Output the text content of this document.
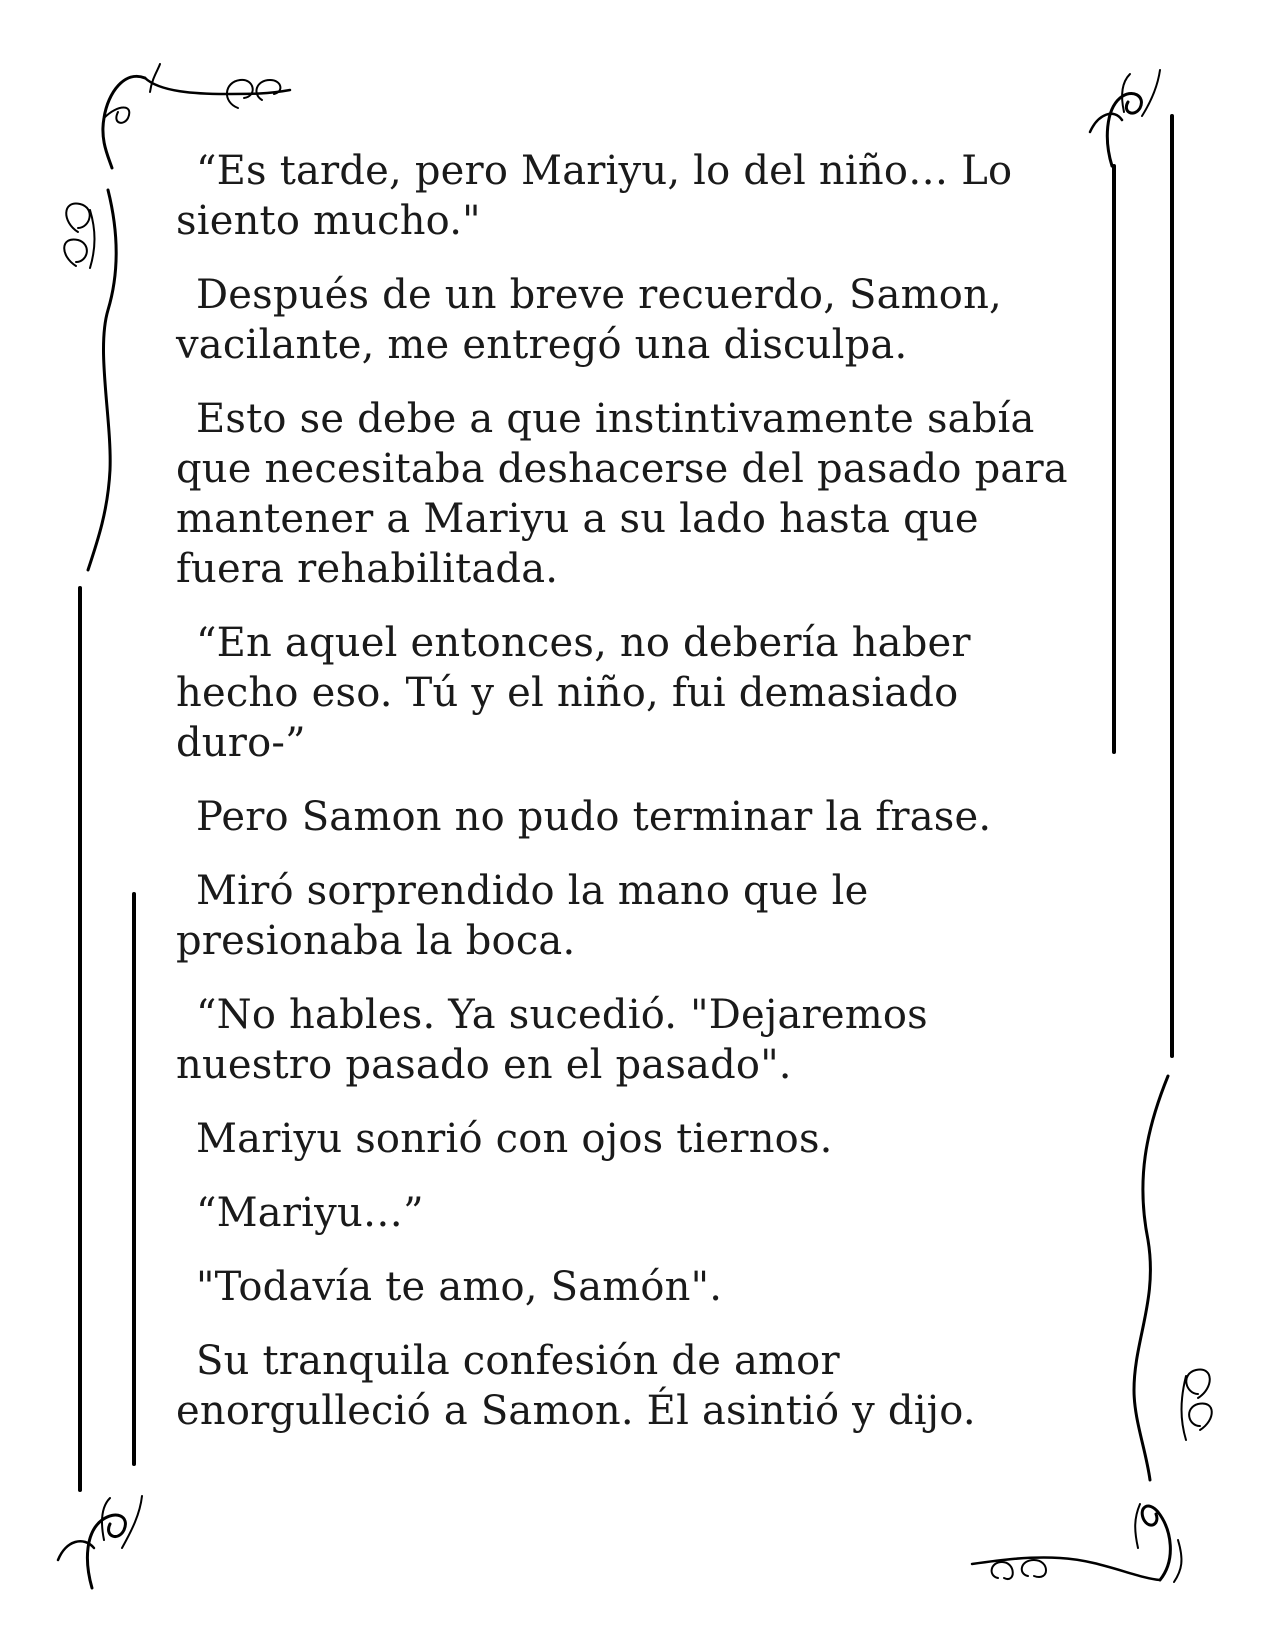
“Es tarde, pero Mariyu, lo del niño… Lo siento mucho."

Después de un breve recuerdo, Samon, vacilante, me entregó una disculpa.

Esto se debe a que instintivamente sabía que necesitaba deshacerse del pasado para mantener a Mariyu a su lado hasta que fuera rehabilitada.

“En aquel entonces, no debería haber hecho eso. Tú y el niño, fui demasiado duro-”

Pero Samon no pudo terminar la frase.

Miró sorprendido la mano que le presionaba la boca.

“No hables. Ya sucedió. "Dejaremos nuestro pasado en el pasado".

Mariyu sonrió con ojos tiernos.

“Mariyu…”

"Todavía te amo, Samón".

Su tranquila confesión de amor enorgulleció a Samon. Él asintió y dijo.
